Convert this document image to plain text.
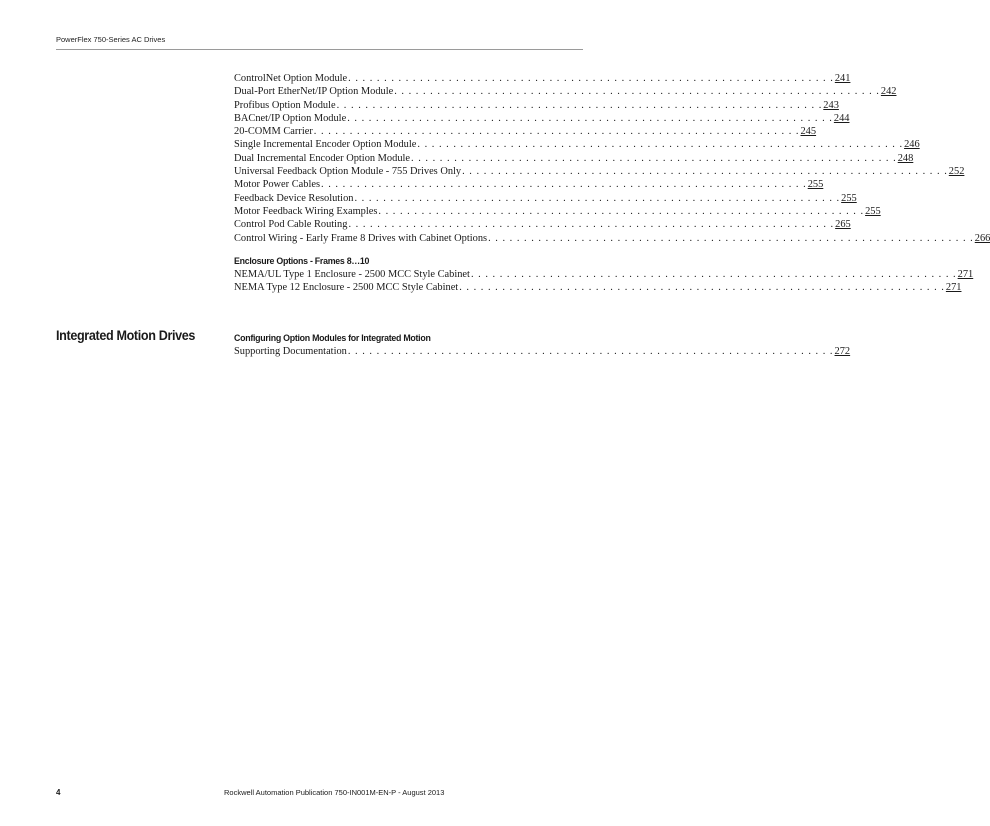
PowerFlex 750-Series AC Drives
ControlNet Option Module . . . . . . . . . . . . . . . . . . . . . . . . . . . . . . . . . . . . . . . . . . . . . . . . . . . . . . . . . . . . . . . . . . . . 241
Dual-Port EtherNet/IP Option Module . . . . . . . . . . . . . . . . . . . . . . . . . . . . . . . . . . . . . . . . . . . . . . . . . . . . . . . . . . . . . . . . . . . . 242
Profibus Option Module . . . . . . . . . . . . . . . . . . . . . . . . . . . . . . . . . . . . . . . . . . . . . . . . . . . . . . . . . . . . . . . . . . . . 243
BACnet/IP Option Module . . . . . . . . . . . . . . . . . . . . . . . . . . . . . . . . . . . . . . . . . . . . . . . . . . . . . . . . . . . . . . . . . . . . 244
20-COMM Carrier . . . . . . . . . . . . . . . . . . . . . . . . . . . . . . . . . . . . . . . . . . . . . . . . . . . . . . . . . . . . . . . . . . . . 245
Single Incremental Encoder Option Module . . . . . . . . . . . . . . . . . . . . . . . . . . . . . . . . . . . . . . . . . . . . . . . . . . . . . . . . . . . . . . . . . . . . 246
Dual Incremental Encoder Option Module . . . . . . . . . . . . . . . . . . . . . . . . . . . . . . . . . . . . . . . . . . . . . . . . . . . . . . . . . . . . . . . . . . . . 248
Universal Feedback Option Module - 755 Drives Only . . . . . . . . . . . . . . . . . . . . . . . . . . . . . . . . . . . . . . . . . . . . . . . . . . . . . . . . . . . . . . . . . . . . 252
Motor Power Cables . . . . . . . . . . . . . . . . . . . . . . . . . . . . . . . . . . . . . . . . . . . . . . . . . . . . . . . . . . . . . . . . . . . . 255
Feedback Device Resolution . . . . . . . . . . . . . . . . . . . . . . . . . . . . . . . . . . . . . . . . . . . . . . . . . . . . . . . . . . . . . . . . . . . . 255
Motor Feedback Wiring Examples . . . . . . . . . . . . . . . . . . . . . . . . . . . . . . . . . . . . . . . . . . . . . . . . . . . . . . . . . . . . . . . . . . . . 255
Control Pod Cable Routing . . . . . . . . . . . . . . . . . . . . . . . . . . . . . . . . . . . . . . . . . . . . . . . . . . . . . . . . . . . . . . . . . . . . 265
Control Wiring - Early Frame 8 Drives with Cabinet Options . . . . . . . . . . . . . . . . . . . . . . . . . . . . . . . . . . . . . . . . . . . . . . . . . . . . . . . . . . . . . . . . . . . . 266
Enclosure Options - Frames 8…10
NEMA/UL Type 1 Enclosure - 2500 MCC Style Cabinet . . . . . . . . . . . . . . . . . . . . . . . . . . . . . . . . . . . . . . . . . . . . . . . . . . . . . . . . . . . . . . . . . . . . 271
NEMA Type 12 Enclosure - 2500 MCC Style Cabinet . . . . . . . . . . . . . . . . . . . . . . . . . . . . . . . . . . . . . . . . . . . . . . . . . . . . . . . . . . . . . . . . . . . . 271
Integrated Motion Drives	Configuring Option Modules for Integrated Motion
Supporting Documentation . . . . . . . . . . . . . . . . . . . . . . . . . . . . . . . . . . . . . . . . . . . . . . . . . . . . . . . . . . . . . . . . . . . . 272
4	Rockwell Automation Publication 750-IN001M-EN-P - August 2013
